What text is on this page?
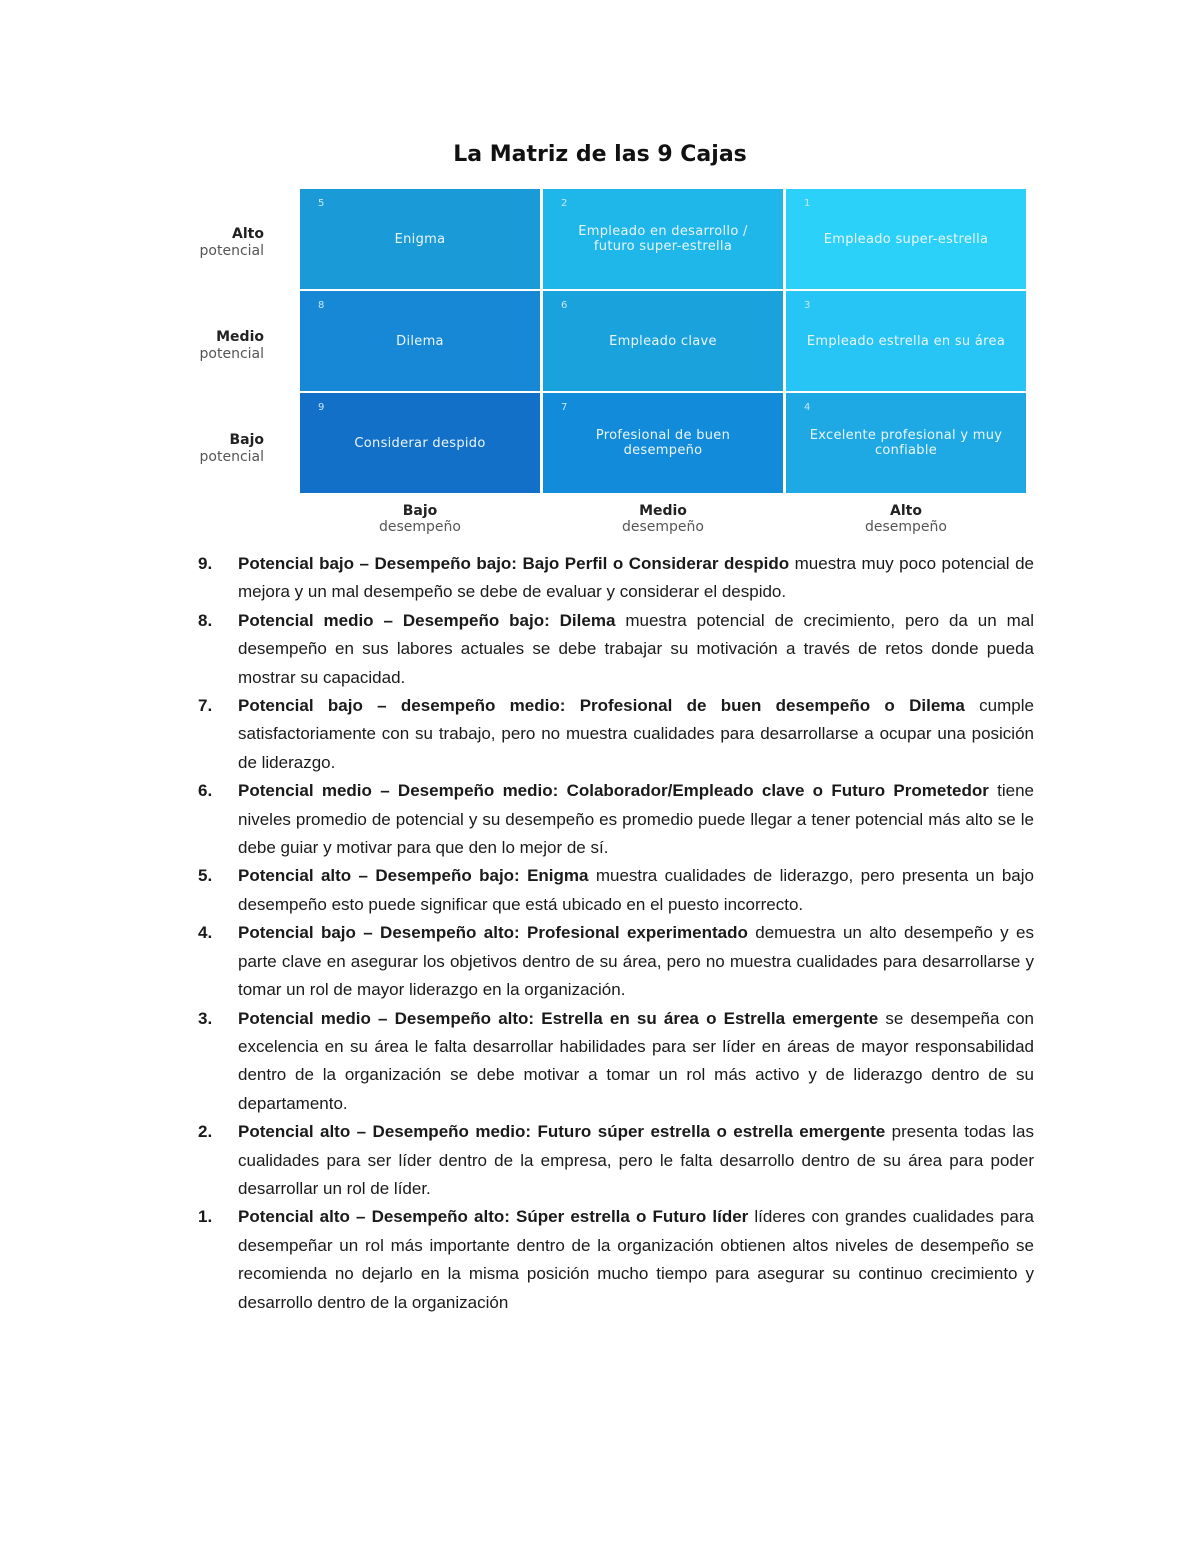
La Matriz de las 9 Cajas
Alto
potencial
Medio
potencial
Bajo
potencial
5
Enigma
2
Empleado en desarrollo / futuro super-estrella
1
Empleado super-estrella
8
Dilema
6
Empleado clave
3
Empleado estrella en su área
9
Considerar despido
7
Profesional de buen desempeño
4
Excelente profesional y muy confiable
Bajo
desempeño
Medio
desempeño
Alto
desempeño
9. Potencial bajo – Desempeño bajo: Bajo Perfil o Considerar despido muestra muy poco potencial de mejora y un mal desempeño se debe de evaluar y considerar el despido.
8. Potencial medio – Desempeño bajo: Dilema muestra potencial de crecimiento, pero da un mal desempeño en sus labores actuales se debe trabajar su motivación a través de retos donde pueda mostrar su capacidad.
7. Potencial bajo – desempeño medio: Profesional de buen desempeño o Dilema cumple satisfactoriamente con su trabajo, pero no muestra cualidades para desarrollarse a ocupar una posición de liderazgo.
6. Potencial medio – Desempeño medio: Colaborador/Empleado clave o Futuro Prometedor tiene niveles promedio de potencial y su desempeño es promedio puede llegar a tener potencial más alto se le debe guiar y motivar para que den lo mejor de sí.
5. Potencial alto – Desempeño bajo: Enigma muestra cualidades de liderazgo, pero presenta un bajo desempeño esto puede significar que está ubicado en el puesto incorrecto.
4. Potencial bajo – Desempeño alto: Profesional experimentado demuestra un alto desempeño y es parte clave en asegurar los objetivos dentro de su área, pero no muestra cualidades para desarrollarse y tomar un rol de mayor liderazgo en la organización.
3. Potencial medio – Desempeño alto: Estrella en su área o Estrella emergente se desempeña con excelencia en su área le falta desarrollar habilidades para ser líder en áreas de mayor responsabilidad dentro de la organización se debe motivar a tomar un rol más activo y de liderazgo dentro de su departamento.
2. Potencial alto – Desempeño medio: Futuro súper estrella o estrella emergente presenta todas las cualidades para ser líder dentro de la empresa, pero le falta desarrollo dentro de su área para poder desarrollar un rol de líder.
1. Potencial alto – Desempeño alto: Súper estrella o Futuro líder líderes con grandes cualidades para desempeñar un rol más importante dentro de la organización obtienen altos niveles de desempeño se recomienda no dejarlo en la misma posición mucho tiempo para asegurar su continuo crecimiento y desarrollo dentro de la organización
